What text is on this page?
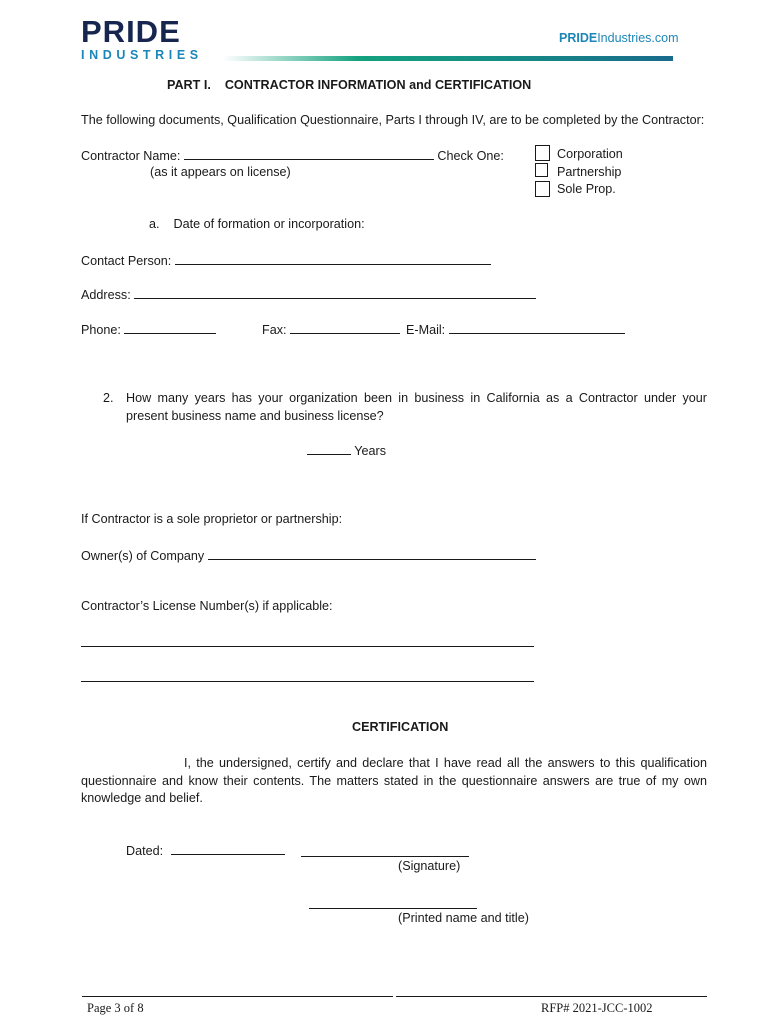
PRIDE
INDUSTRIES
PRIDEIndustries.com
PART I.    CONTRACTOR INFORMATION and CERTIFICATION
The following documents, Qualification Questionnaire, Parts I through IV, are to be completed by the Contractor:
Contractor Name:	Check One:
(as it appears on license)
Corporation
Partnership
Sole Prop.
a.    Date of formation or incorporation:
Contact Person:
Address:
Phone:	Fax:	E-Mail:
2. How many years has your organization been in business in California as a Contractor under your present business name and business license?
Years
If Contractor is a sole proprietor or partnership:
Owner(s) of Company
Contractor’s License Number(s) if applicable:
CERTIFICATION
I, the undersigned, certify and declare that I have read all the answers to this qualification questionnaire and know their contents. The matters stated in the questionnaire answers are true of my own knowledge and belief.
Dated:
(Signature)
(Printed name and title)
Page 3 of 8	RFP# 2021-JCC-1002
